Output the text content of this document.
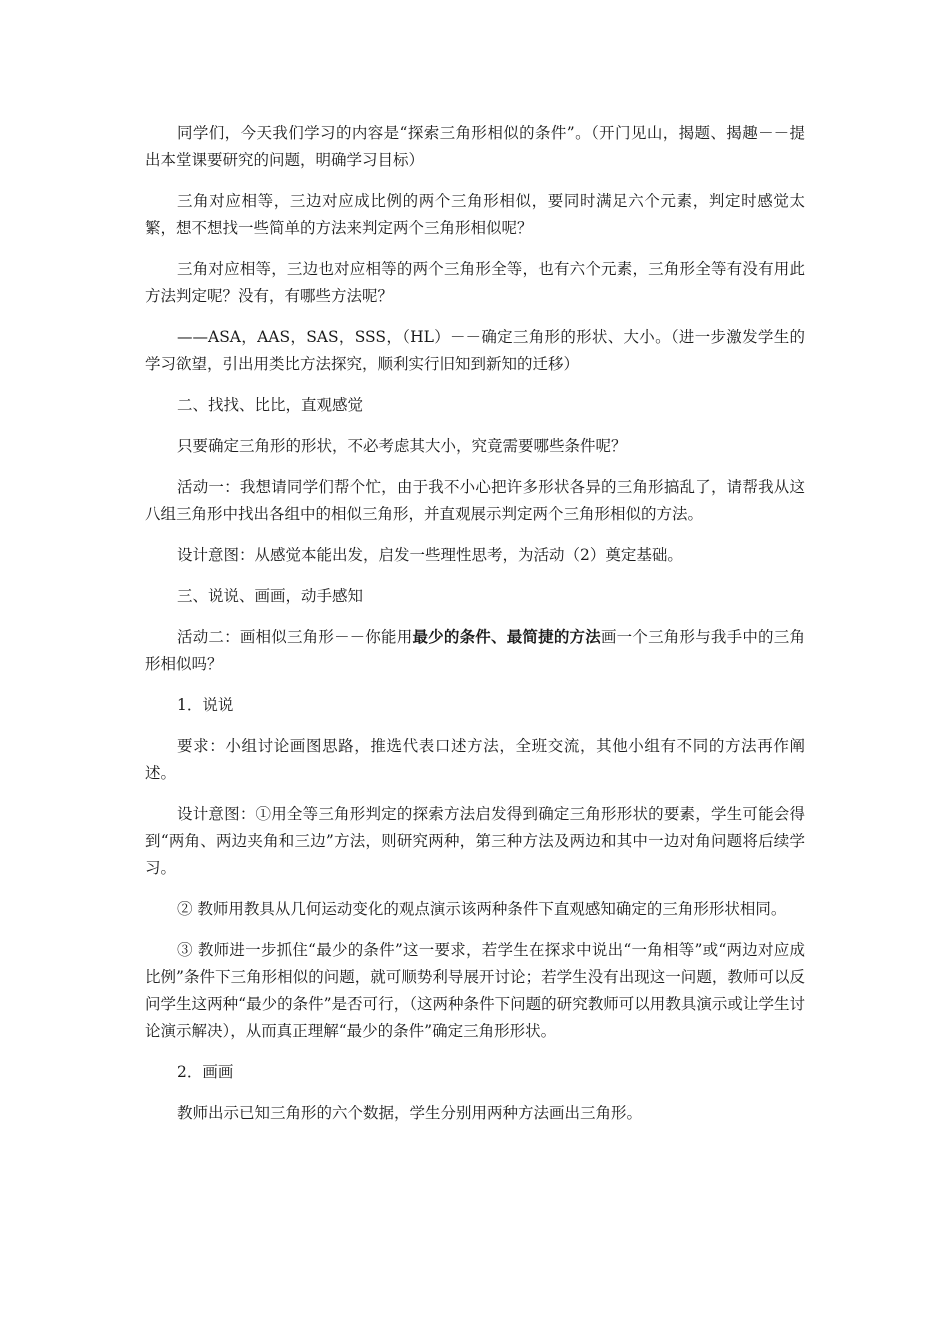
同学们，今天我们学习的内容是“探索三角形相似的条件”。（开门见山，揭题、揭趣－－提出本堂课要研究的问题，明确学习目标）

三角对应相等，三边对应成比例的两个三角形相似，要同时满足六个元素，判定时感觉太繁，想不想找一些简单的方法来判定两个三角形相似呢？

三角对应相等，三边也对应相等的两个三角形全等，也有六个元素，三角形全等有没有用此方法判定呢？没有，有哪些方法呢？

——ASA，AAS，SAS，SSS，（HL）－－确定三角形的形状、大小。（进一步激发学生的学习欲望，引出用类比方法探究，顺利实行旧知到新知的迁移）

二、找找、比比，直观感觉

只要确定三角形的形状，不必考虑其大小，究竟需要哪些条件呢？

活动一：我想请同学们帮个忙，由于我不小心把许多形状各异的三角形搞乱了，请帮我从这八组三角形中找出各组中的相似三角形，并直观展示判定两个三角形相似的方法。

设计意图：从感觉本能出发，启发一些理性思考，为活动（2）奠定基础。

三、说说、画画，动手感知

活动二：画相似三角形－－你能用最少的条件、最简捷的方法画一个三角形与我手中的三角形相似吗？

1．说说

要求：小组讨论画图思路，推选代表口述方法，全班交流，其他小组有不同的方法再作阐述。

设计意图：①用全等三角形判定的探索方法启发得到确定三角形形状的要素，学生可能会得到“两角、两边夹角和三边”方法，则研究两种，第三种方法及两边和其中一边对角问题将后续学习。

② 教师用教具从几何运动变化的观点演示该两种条件下直观感知确定的三角形形状相同。

③ 教师进一步抓住“最少的条件”这一要求，若学生在探求中说出“一角相等”或“两边对应成比例”条件下三角形相似的问题，就可顺势利导展开讨论；若学生没有出现这一问题，教师可以反问学生这两种“最少的条件”是否可行，（这两种条件下问题的研究教师可以用教具演示或让学生讨论演示解决），从而真正理解“最少的条件”确定三角形形状。

2．画画

教师出示已知三角形的六个数据，学生分别用两种方法画出三角形。
